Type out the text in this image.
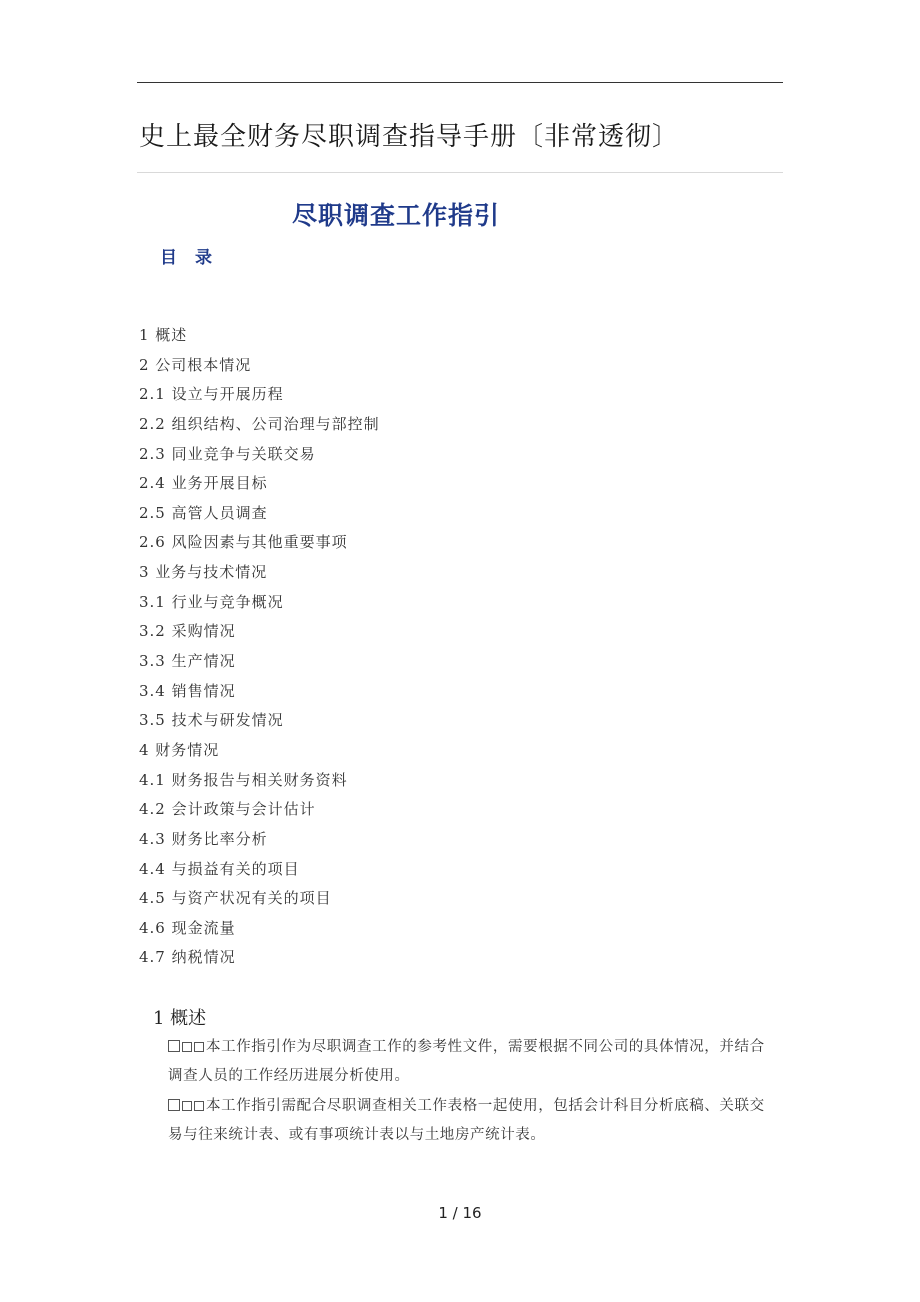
史上最全财务尽职调查指导手册〔非常透彻〕
尽职调查工作指引
目录
1 概述
2 公司根本情况
2.1 设立与开展历程
2.2 组织结构、公司治理与部控制
2.3 同业竞争与关联交易
2.4 业务开展目标
2.5 高管人员调查
2.6 风险因素与其他重要事项
3 业务与技术情况
3.1 行业与竞争概况
3.2 采购情况
3.3 生产情况
3.4 销售情况
3.5 技术与研发情况
4 财务情况
4.1 财务报告与相关财务资料
4.2 会计政策与会计估计
4.3 财务比率分析
4.4 与损益有关的项目
4.5 与资产状况有关的项目
4.6 现金流量
4.7 纳税情况
1 概述
本工作指引作为尽职调查工作的参考性文件，需要根据不同公司的具体情况，并结合调查人员的工作经历进展分析使用。
本工作指引需配合尽职调查相关工作表格一起使用，包括会计科目分析底稿、关联交易与往来统计表、或有事项统计表以与土地房产统计表。
1 / 16
